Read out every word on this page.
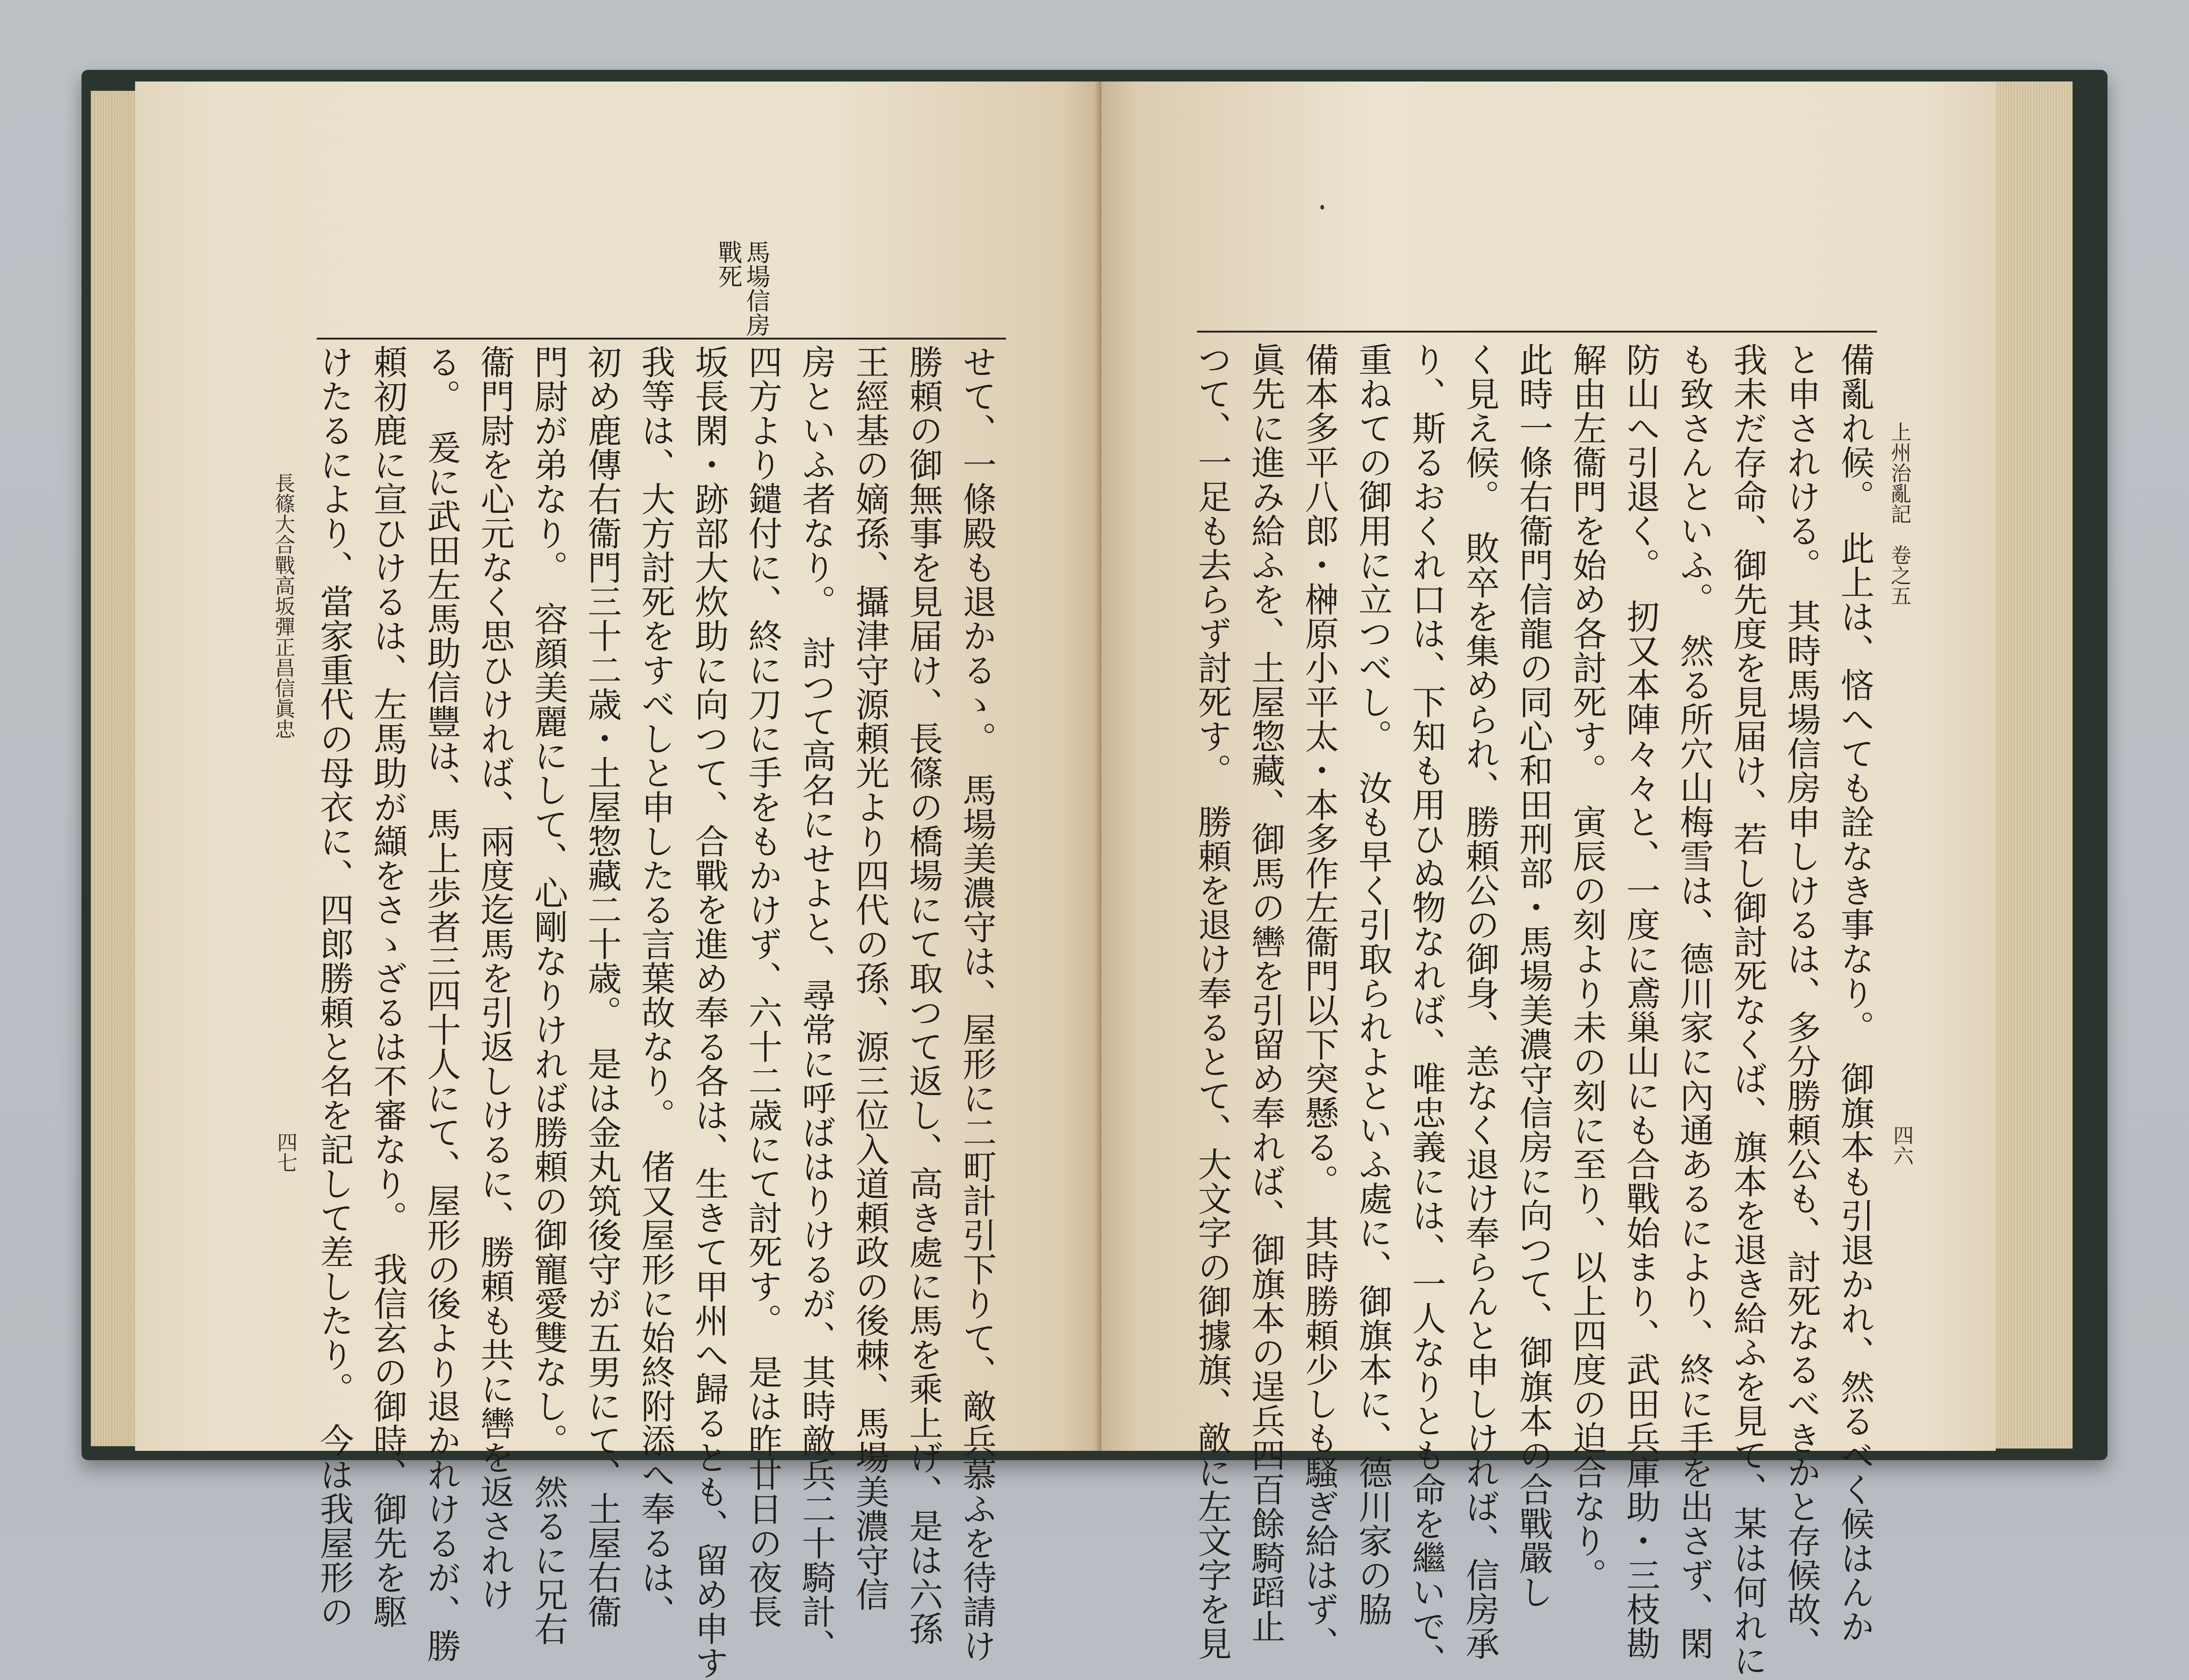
馬場信房
戰死
せて、一條殿も退かるゝ。　馬場美濃守は、屋形に二町計引下りて、敵兵慕ふを待請け
勝頼の御無事を見届け、長篠の橋場にて取つて返し、高き處に馬を乘上げ、是は六孫
王經基の嫡孫、攝津守源頼光より四代の孫、源三位入道頼政の後棘、馬場美濃守信
房といふ者なり。　討つて高名にせよと、尋常に呼ばはりけるが、其時敵兵二十騎計、
四方より鑓付に、終に刀に手をもかけず、六十二歳にて討死す。　是は昨廿日の夜長
坂長閑・跡部大炊助に向つて、合戰を進め奉る各は、生きて甲州へ歸るとも、留め申す
我等は、大方討死をすべしと申したる言葉故なり。　偖又屋形に始終附添へ奉るは、
初め鹿傳右衞門三十二歳・土屋惣藏二十歳。　是は金丸筑後守が五男にて、土屋右衞
門尉が弟なり。　容顔美麗にして、心剛なりければ勝頼の御寵愛雙なし。　然るに兄右
衞門尉を心元なく思ひければ、兩度迄馬を引返しけるに、勝頼も共に轡を返されけ
る。　爰に武田左馬助信豐は、馬上歩者三四十人にて、屋形の後より退かれけるが、勝
頼初鹿に宣ひけるは、左馬助が纈をさゝざるは不審なり。　我信玄の御時、御先を駆
けたるにより、當家重代の母衣に、四郎勝頼と名を記して差したり。　今は我屋形の
長篠大合戰高坂彈正昌信眞忠
四七
上州治亂記　卷之五
四六
備亂れ候。　此上は、悋へても詮なき事なり。　御旗本も引退かれ、然るべく候はんか
と申されける。　其時馬場信房申しけるは、多分勝頼公も、討死なるべきかと存候故、
我未だ存命、御先度を見届け、若し御討死なくば、旗本を退き給ふを見て、某は何れに
も致さんといふ。　然る所穴山梅雪は、德川家に內通あるにより、終に手を出さず、閑
防山へ引退く。　扨又本陣々々と、一度に鳶巢山にも合戰始まり、武田兵庫助・三枝勘
解由左衞門を始め各討死す。　寅辰の刻より未の刻に至り、以上四度の迫合なり。
此時一條右衞門信龍の同心和田刑部・馬場美濃守信房に向つて、御旗本の合戰嚴し
く見え候。　敗卒を集められ、勝頼公の御身、恙なく退け奉らんと申しければ、信房承
り、斯るおくれ口は、下知も用ひぬ物なれば、唯忠義には、一人なりとも命を繼いで、
重ねての御用に立つべし。　汝も早く引取られよといふ處に、御旗本に、德川家の脇
備本多平八郎・榊原小平太・本多作左衞門以下突懸る。　其時勝頼少しも騷ぎ給はず、
眞先に進み給ふを、土屋惣藏、御馬の轡を引留め奉れば、御旗本の逞兵四百餘騎蹈止
つて、一足も去らず討死す。　勝頼を退け奉るとて、大文字の御據旗、敵に左文字を見
